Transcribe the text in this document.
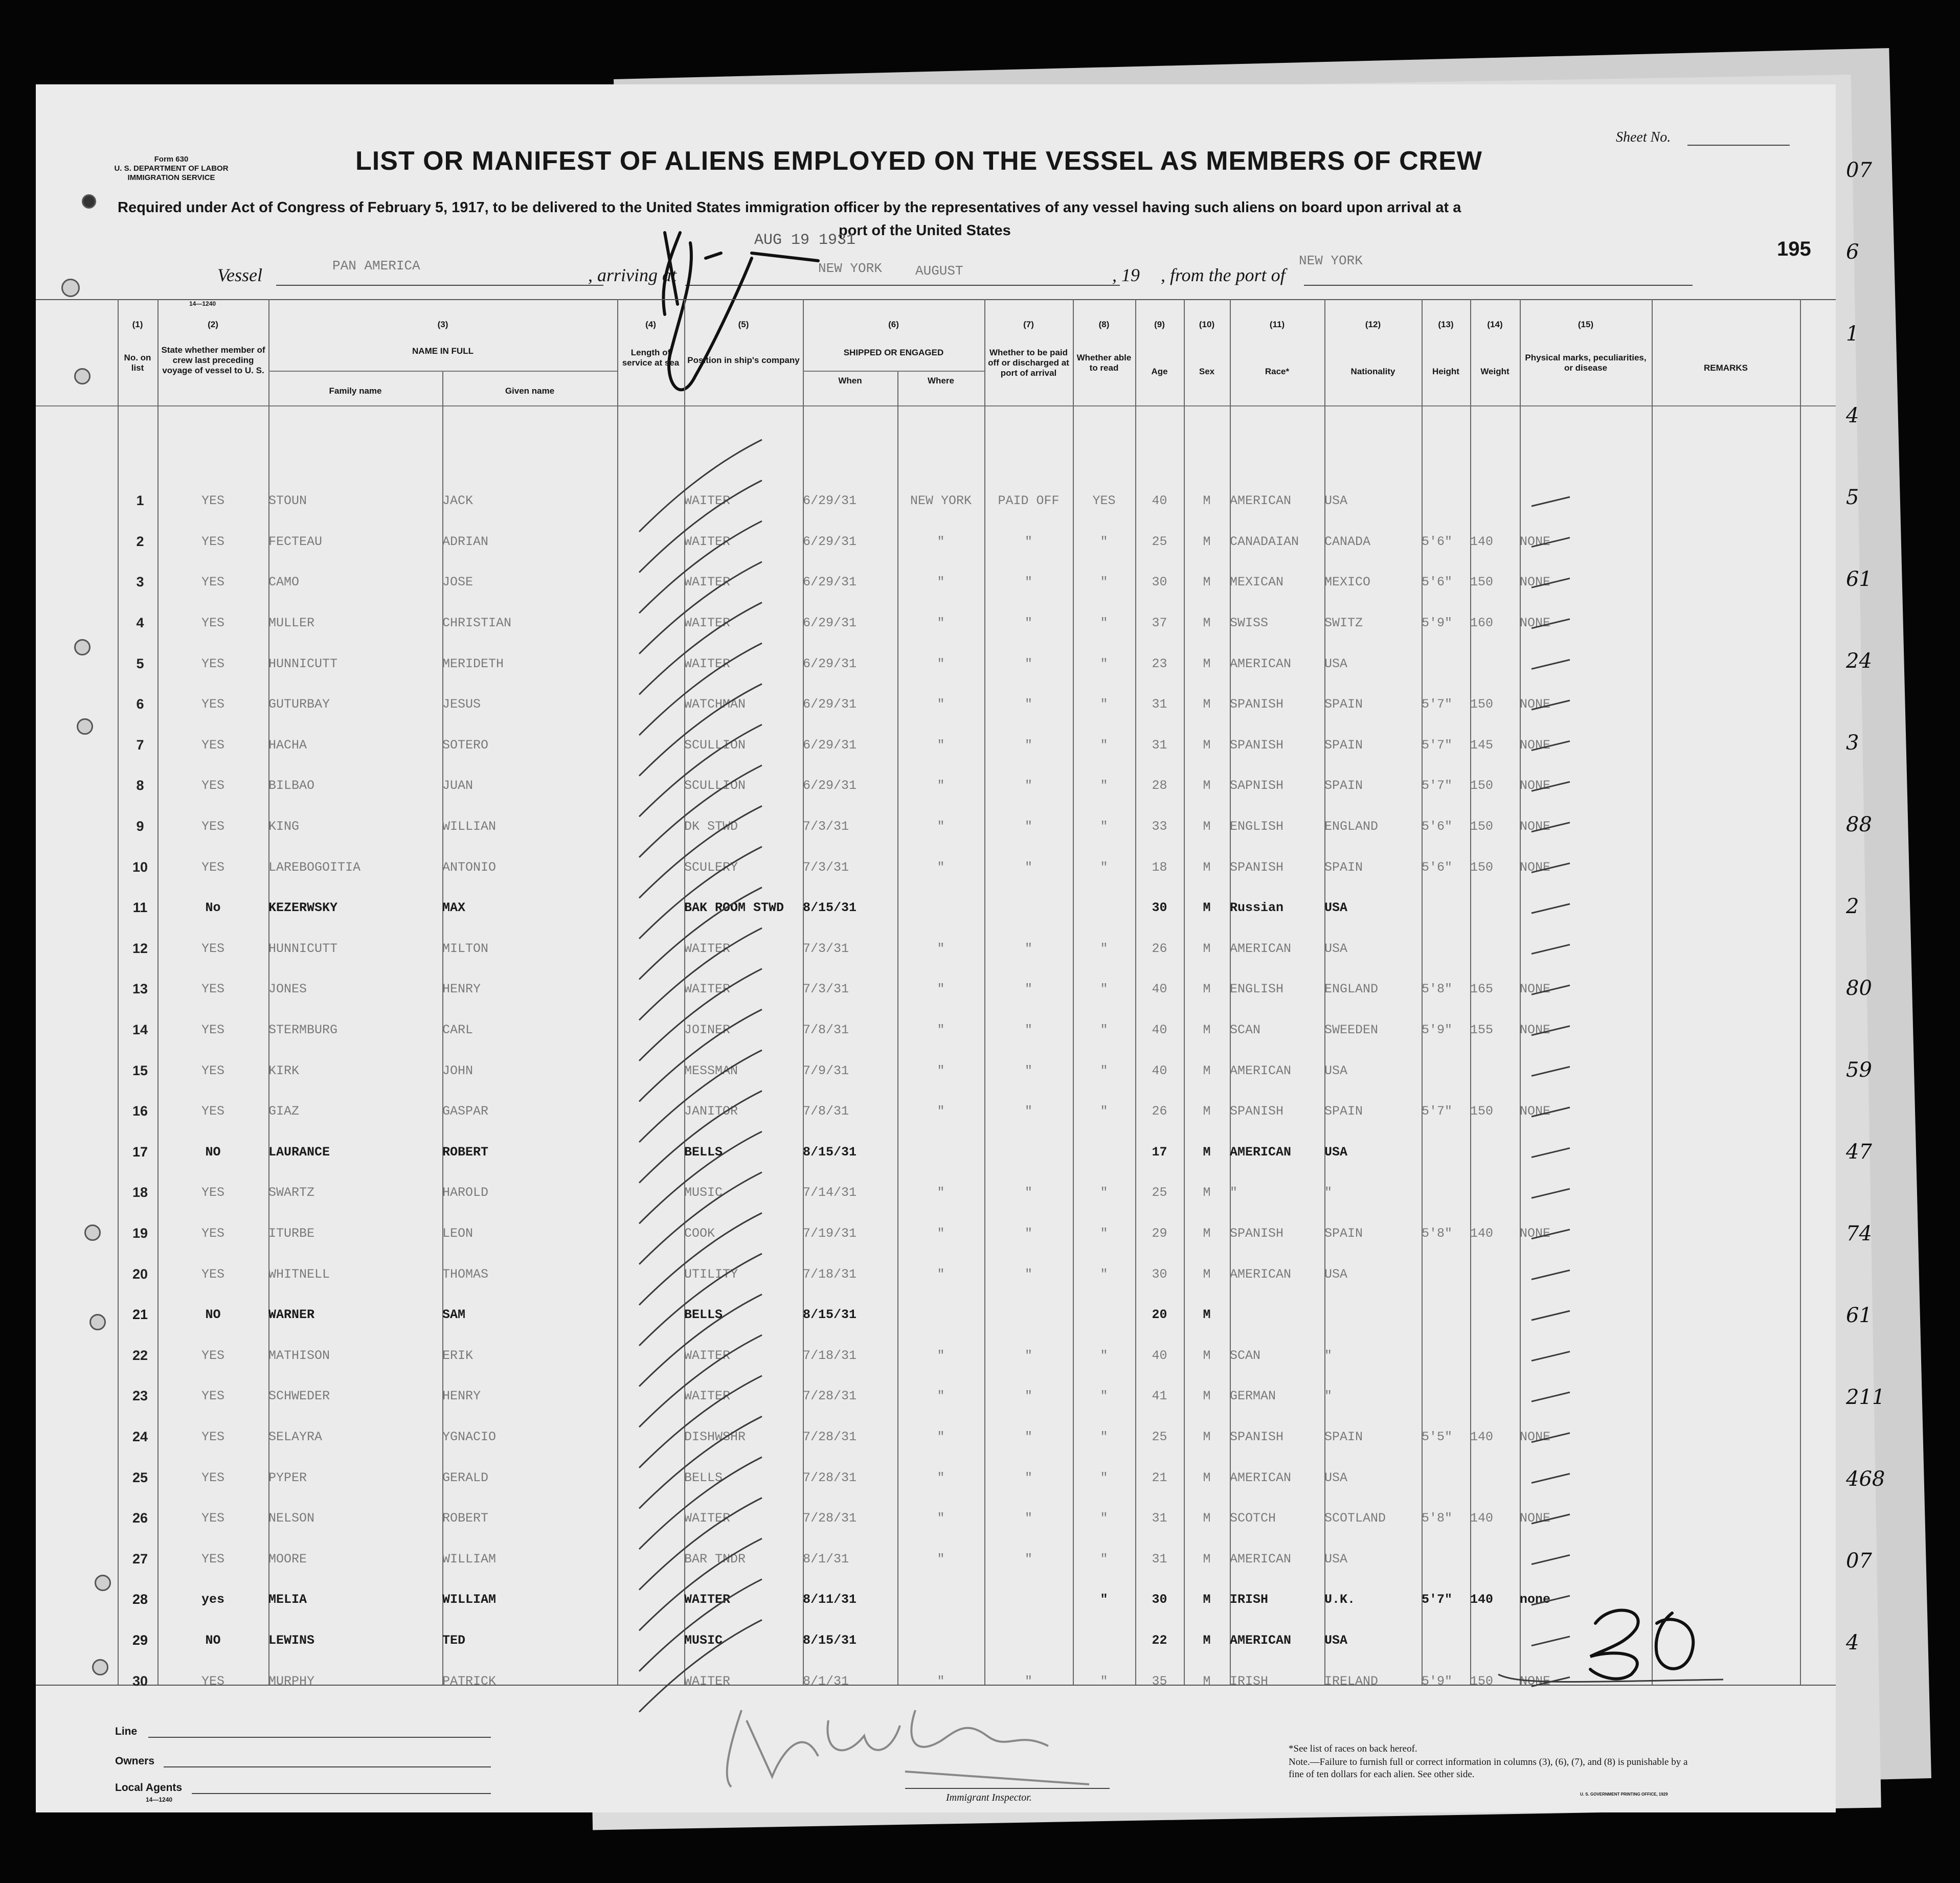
Form 630
U. S. DEPARTMENT OF LABOR
IMMIGRATION SERVICE
Sheet No.
LIST OR MANIFEST OF ALIENS EMPLOYED ON THE VESSEL AS MEMBERS OF CREW
Required under Act of Congress of February 5, 1917, to be delivered to the United States immigration officer by the representatives of any vessel having such aliens on board upon arrival at a
port of the United States
Vessel	PAN AMERICA	, arriving at	NEW YORK	AUGUST	, 19 , from the port of
NEW YORK
AUG 19 1931	195
(1)	(2)	(3)	(4)	(5)	(6)	(7)	(8)	(9)	(10)	(11)	(12)	(13)	(14)	(15)
No. on list
State whether member of crew last preceding voyage of vessel to U. S.
NAME IN FULL
Family name	Given name
Length of service at sea Position in ship's company
SHIPPED OR ENGAGED
When	Where
Whether to be paid off or discharged at port of arrival
Whether able to read	Age	Sex	Race*	Nationality	Height	Weight
Physical marks, peculiarities, or disease	REMARKS
14—1240
1	YES	STOUN	JACK		WAITER	6/29/31	NEW YORK	PAID OFF	YES	40	M	AMERICAN	USA				
2	YES	FECTEAU	ADRIAN		WAITER	6/29/31	"	"	"	25	M	CANADAIAN	CANADA	5'6"	140	NONE	
3	YES	CAMO	JOSE		WAITER	6/29/31	"	"	"	30	M	MEXICAN	MEXICO	5'6"	150	NONE	
4	YES	MULLER	CHRISTIAN		WAITER	6/29/31	"	"	"	37	M	SWISS	SWITZ	5'9"	160	NONE	
5	YES	HUNNICUTT	MERIDETH		WAITER	6/29/31	"	"	"	23	M	AMERICAN	USA				
6	YES	GUTURBAY	JESUS		WATCHMAN	6/29/31	"	"	"	31	M	SPANISH	SPAIN	5'7"	150	NONE	
7	YES	HACHA	SOTERO		SCULLION	6/29/31	"	"	"	31	M	SPANISH	SPAIN	5'7"	145	NONE	
8	YES	BILBAO	JUAN		SCULLION	6/29/31	"	"	"	28	M	SAPNISH	SPAIN	5'7"	150	NONE	
9	YES	KING	WILLIAN		DK STWD	7/3/31	"	"	"	33	M	ENGLISH	ENGLAND	5'6"	150	NONE	
10	YES	LAREBOGOITIA	ANTONIO		SCULERY	7/3/31	"	"	"	18	M	SPANISH	SPAIN	5'6"	150	NONE	
11	No	KEZERWSKY	MAX		BAK ROOM STWD	8/15/31				30	M	Russian	USA				
12	YES	HUNNICUTT	MILTON		WAITER	7/3/31	"	"	"	26	M	AMERICAN	USA				
13	YES	JONES	HENRY		WAITER	7/3/31	"	"	"	40	M	ENGLISH	ENGLAND	5'8"	165	NONE	
14	YES	STERMBURG	CARL		JOINER	7/8/31	"	"	"	40	M	SCAN	SWEEDEN	5'9"	155	NONE	
15	YES	KIRK	JOHN		MESSMAN	7/9/31	"	"	"	40	M	AMERICAN	USA				
16	YES	GIAZ	GASPAR		JANITOR	7/8/31	"	"	"	26	M	SPANISH	SPAIN	5'7"	150	NONE	
17	NO	LAURANCE	ROBERT		BELLS	8/15/31				17	M	AMERICAN	USA				
18	YES	SWARTZ	HAROLD		MUSIC	7/14/31	"	"	"	25	M	"	"				
19	YES	ITURBE	LEON		COOK	7/19/31	"	"	"	29	M	SPANISH	SPAIN	5'8"	140	NONE	
20	YES	WHITNELL	THOMAS		UTILITY	7/18/31	"	"	"	30	M	AMERICAN	USA				
21	NO	WARNER	SAM		BELLS	8/15/31				20	M						
22	YES	MATHISON	ERIK		WAITER	7/18/31	"	"	"	40	M	SCAN	"				
23	YES	SCHWEDER	HENRY		WAITER	7/28/31	"	"	"	41	M	GERMAN	"				
24	YES	SELAYRA	YGNACIO		DISHWSHR	7/28/31	"	"	"	25	M	SPANISH	SPAIN	5'5"	140	NONE	
25	YES	PYPER	GERALD		BELLS	7/28/31	"	"	"	21	M	AMERICAN	USA				
26	YES	NELSON	ROBERT		WAITER	7/28/31	"	"	"	31	M	SCOTCH	SCOTLAND	5'8"	140	NONE	
27	YES	MOORE	WILLIAM		BAR TNDR	8/1/31	"	"	"	31	M	AMERICAN	USA				
28	yes	MELIA	WILLIAM		WAITER	8/11/31			"	30	M	IRISH	U.K.	5'7"	140	none	
29	NO	LEWINS	TED		MUSIC	8/15/31				22	M	AMERICAN	USA				
30	YES	MURPHY	PATRICK		WAITER	8/1/31	"	"	"	35	M	IRISH	IRELAND	5'9"	150	NONE	
Line
Owners
Local Agents
14—1240	Immigrant Inspector.
*See list of races on back hereof.
Note.—Failure to furnish full or correct information in columns (3), (6), (7), and (8) is punishable by a fine of ten dollars for each alien. See other side.
U. S. GOVERNMENT PRINTING OFFICE, 1929
07
6
1
4
5
61
24
3
88
2
80
59
47
74
61
211
468
07
4
